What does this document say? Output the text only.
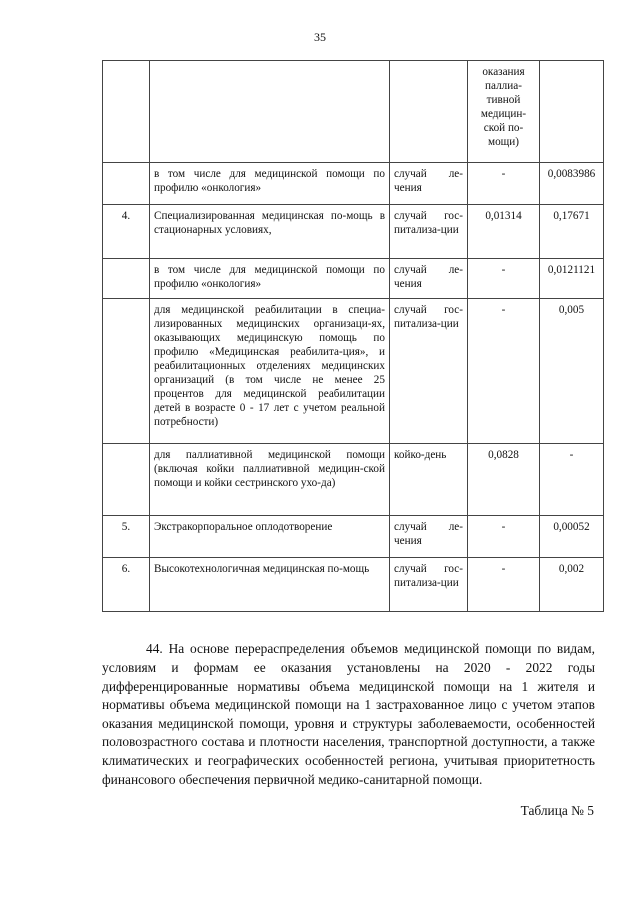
35
			оказания паллиа-тивной медицин-ской по-мощи)	
	в том числе для медицинской помощи по профилю «онкология»	случай ле-чения	-	0,0083986
4.	Специализированная медицинская по-мощь в стационарных условиях,	случай гос-питализа-ции	0,01314	0,17671
	в том числе для медицинской помощи по профилю «онкология»	случай ле-чения	-	0,0121121
	для медицинской реабилитации в специа-лизированных медицинских организаци-ях, оказывающих медицинскую помощь по профилю «Медицинская реабилита-ция», и реабилитационных отделениях медицинских организаций (в том числе не менее 25 процентов для медицинской реабилитации детей в возрасте 0 - 17 лет с учетом реальной потребности)	случай гос-питализа-ции	-	0,005
	для паллиативной медицинской помощи (включая койки паллиативной медицин-ской помощи и койки сестринского ухо-да)	койко-день	0,0828	-
5.	Экстракорпоральное оплодотворение	случай ле-чения	-	0,00052
6.	Высокотехнологичная медицинская по-мощь	случай гос-питализа-ции	-	0,002

44. На основе перераспределения объемов медицинской помощи по видам, условиям и формам ее оказания установлены на 2020 - 2022 годы дифференцированные нормативы объема медицинской помощи на 1 жителя и нормативы объема медицинской помощи на 1 застрахованное лицо с учетом этапов оказания медицинской помощи, уровня и структуры заболеваемости, особенностей половозрастного состава и плотности населения, транспортной доступности, а также климатических и географических особенностей региона, учитывая приоритетность финансового обеспечения первичной медико-санитарной помощи.

Таблица № 5
